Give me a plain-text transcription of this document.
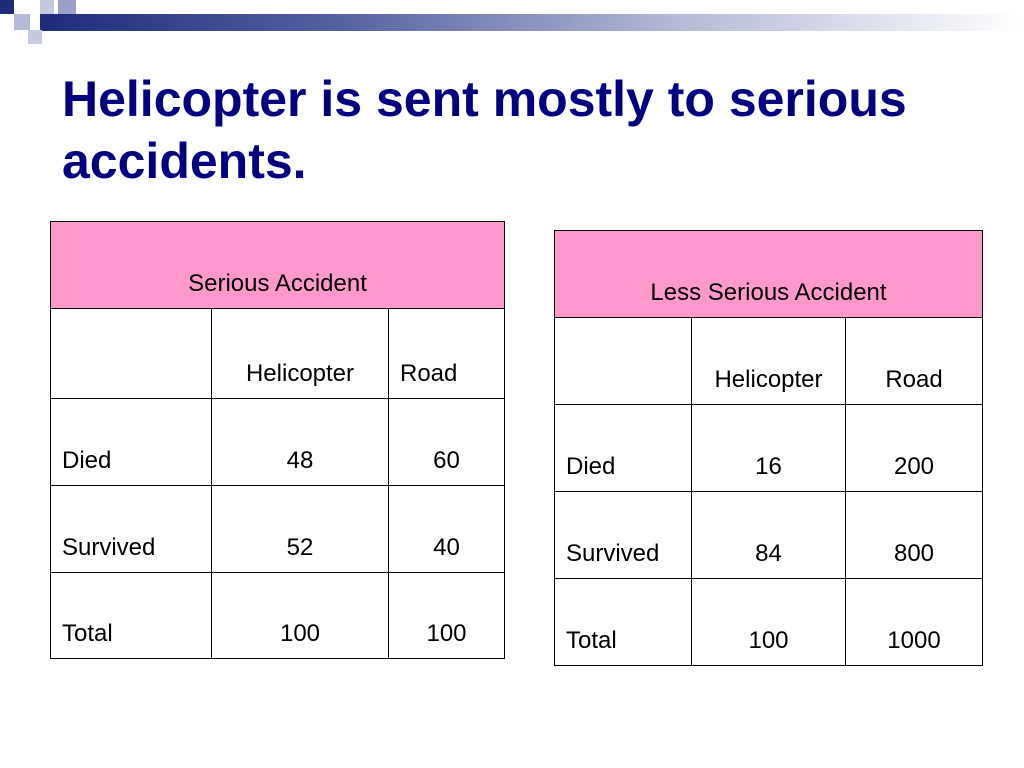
Helicopter is sent mostly to serious accidents.
Serious Accident		
	Helicopter	Road
Died	48	60
Survived	52	40
Total	100	100
Less Serious Accident		
	Helicopter	Road
Died	16	200
Survived	84	800
Total	100	1000
